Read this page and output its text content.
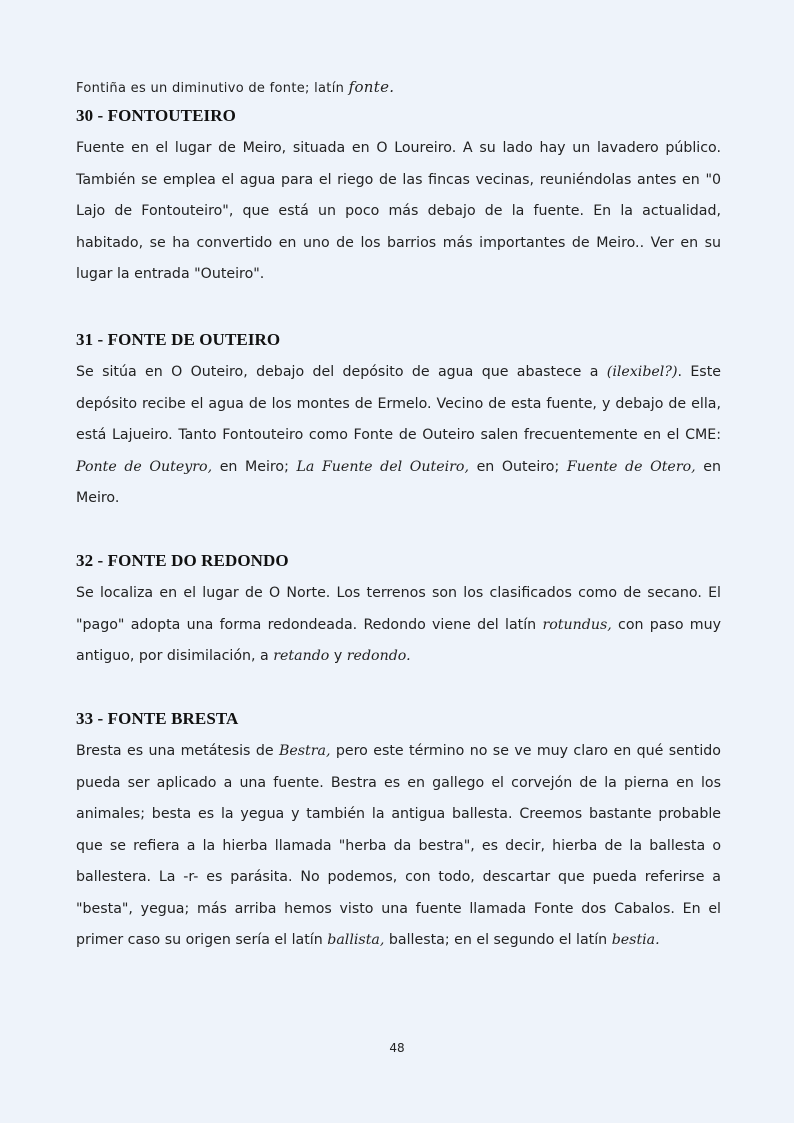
Fontiña es un diminutivo de fonte; latín fonte.
30 - FONTOUTEIRO

Fuente en el lugar de Meiro, situada en O Loureiro. A su lado hay un lavadero público. También se emplea el agua para el riego de las fincas vecinas, reuniéndolas antes en "0 Lajo de Fontouteiro", que está un poco más debajo de la fuente. En la actualidad, habitado, se ha convertido en uno de los barrios más importantes de Meiro.. Ver en su lugar la entrada "Outeiro".

31 - FONTE DE OUTEIRO

Se sitúa en O Outeiro, debajo del depósito de agua que abastece a (ilexibel?). Este depósito recibe el agua de los montes de Ermelo. Vecino de esta fuente, y debajo de ella, está Lajueiro. Tanto Fontouteiro como Fonte de Outeiro salen frecuentemente en el CME: Ponte de Outeyro, en Meiro; La Fuente del Outeiro, en Outeiro; Fuente de Otero, en Meiro.

32 - FONTE DO REDONDO

Se localiza en el lugar de O Norte. Los terrenos son los clasificados como de secano. El "pago" adopta una forma redondeada. Redondo viene del latín rotundus, con paso muy antiguo, por disimilación, a retando y redondo.

33 - FONTE BRESTA

Bresta es una metátesis de Bestra, pero este término no se ve muy claro en qué sentido pueda ser aplicado a una fuente. Bestra es en gallego el corvejón de la pierna en los animales; besta es la yegua y también la antigua ballesta. Creemos bastante probable que se refiera a la hierba llamada "herba da bestra", es decir, hierba de la ballesta o ballestera. La -r- es parásita. No podemos, con todo, descartar que pueda referirse a "besta", yegua; más arriba hemos visto una fuente llamada Fonte dos Cabalos. En el primer caso su origen sería el latín ballista, ballesta; en el segundo el latín bestia.

48
